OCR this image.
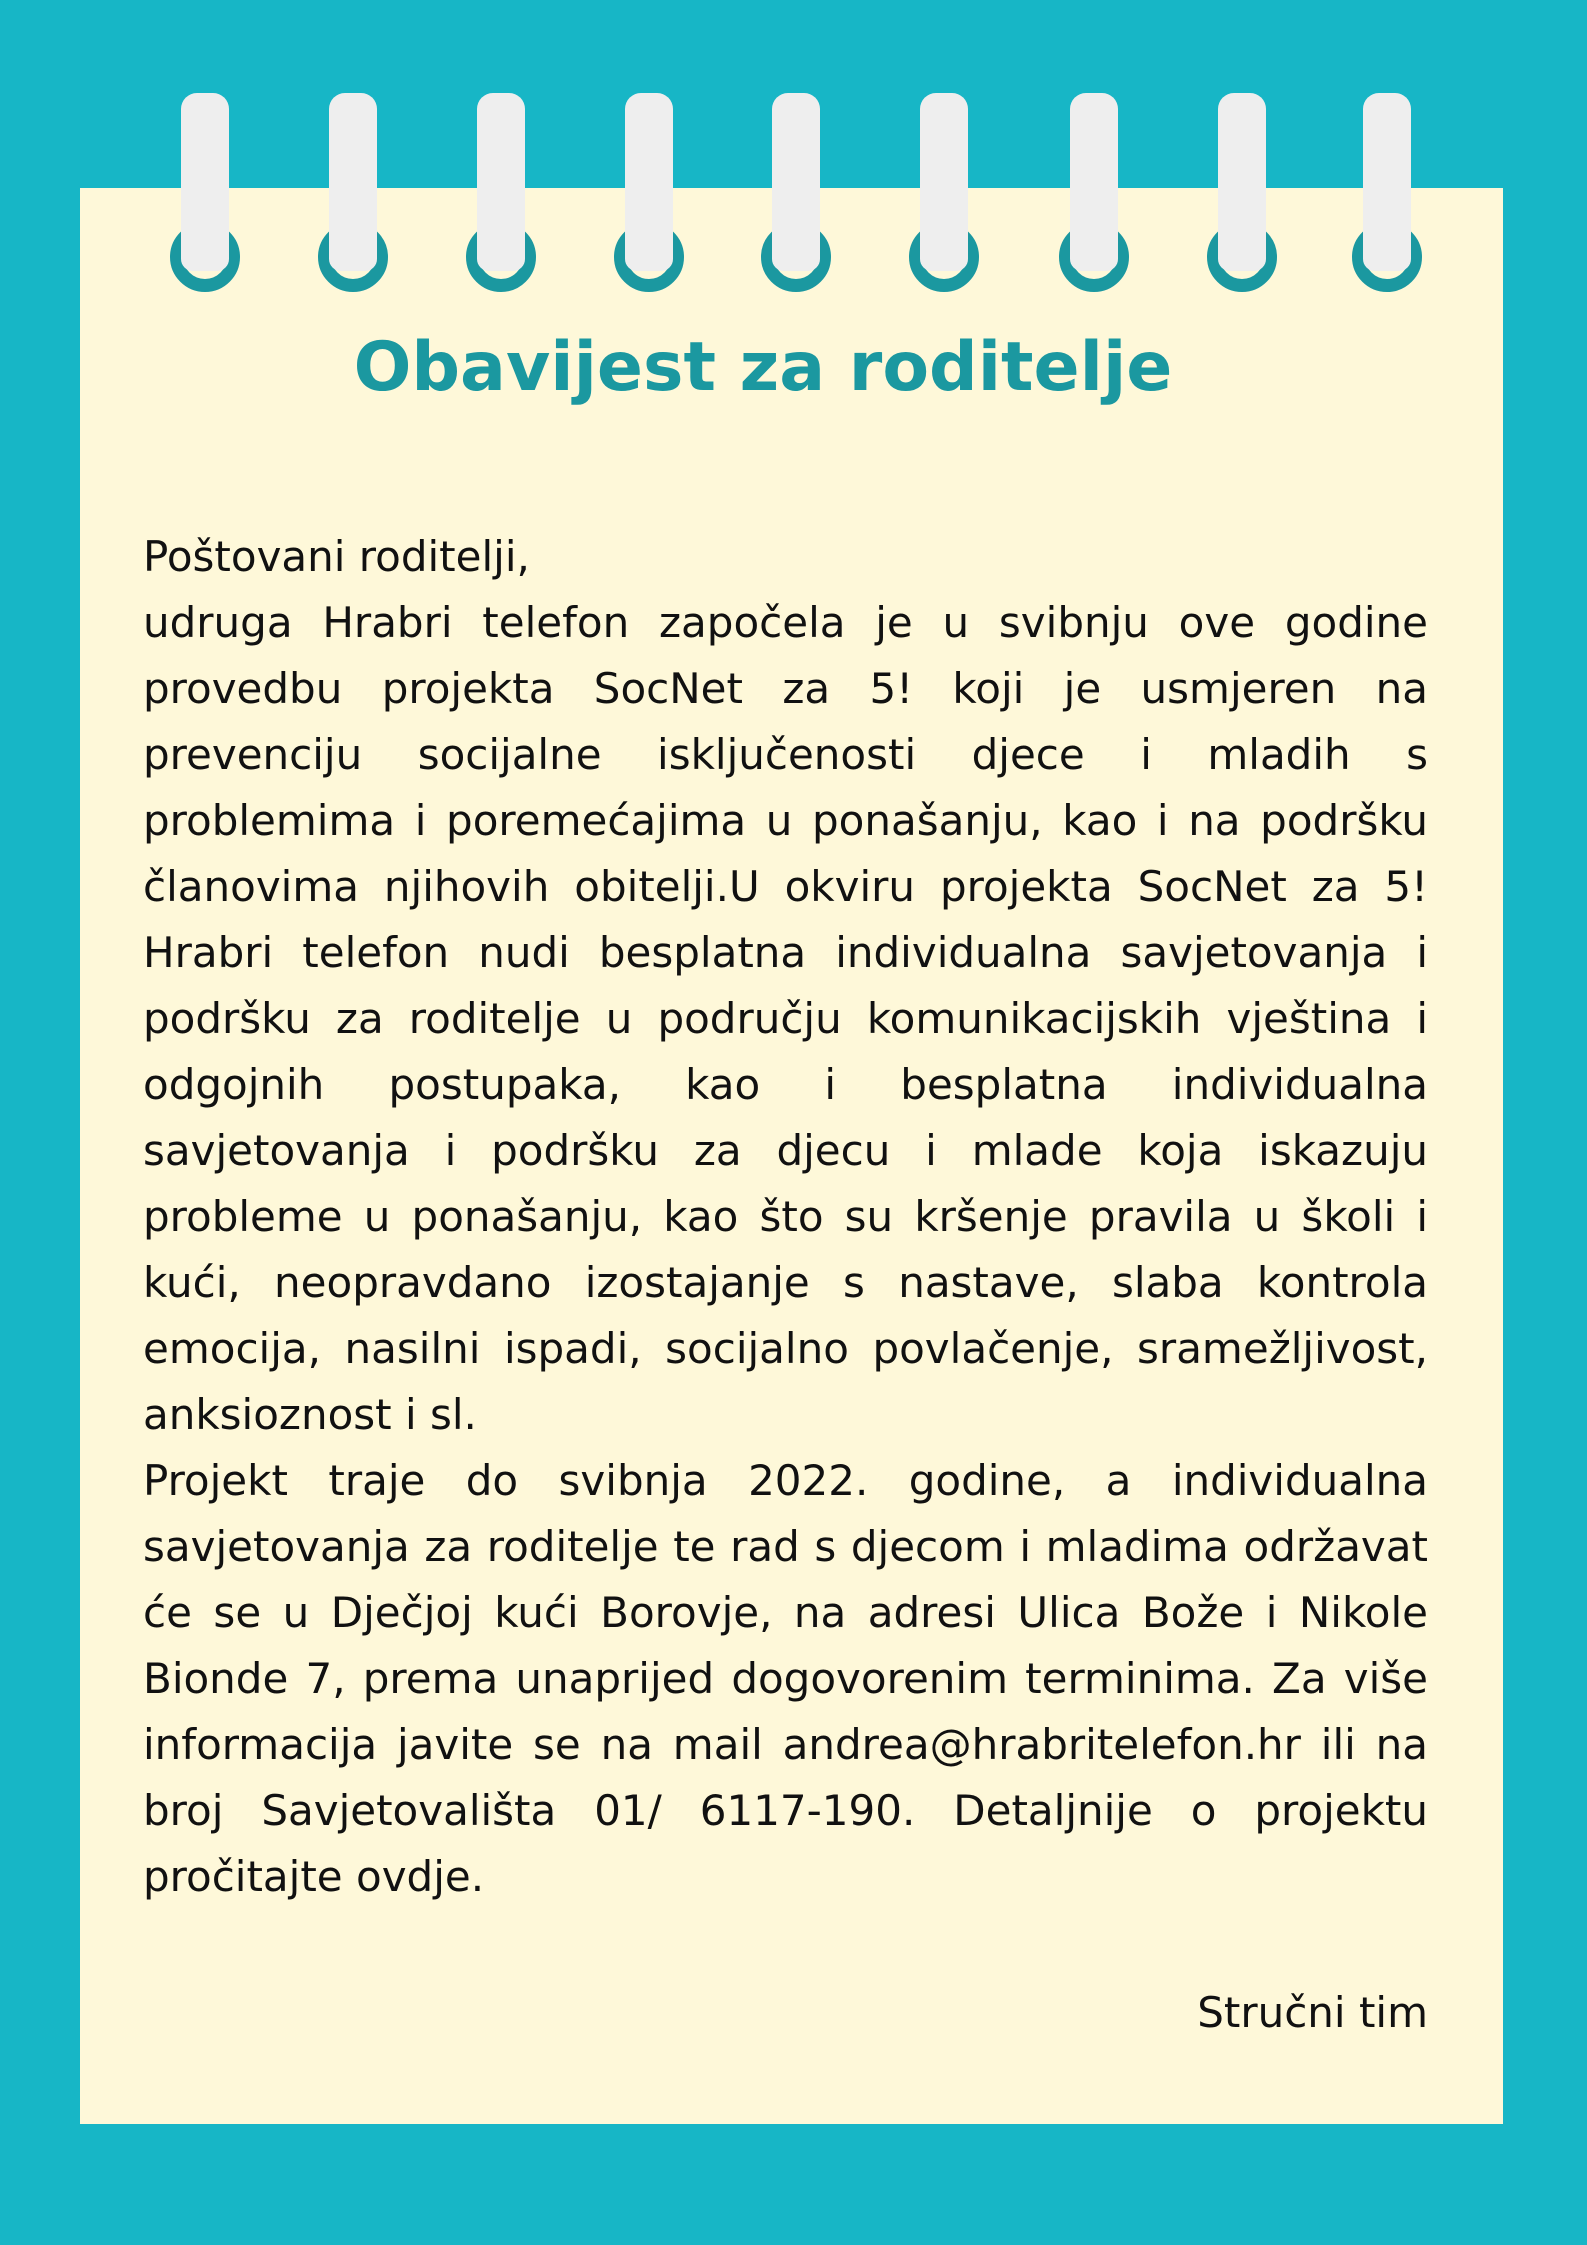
Obavijest za roditelje

Poštovani roditelji,

udruga Hrabri telefon započela je u svibnju ove godine provedbu projekta SocNet za 5! koji je usmjeren na prevenciju socijalne isključenosti djece i mladih s problemima i poremećajima u ponašanju, kao i na podršku članovima njihovih obitelji.U okviru projekta SocNet za 5! Hrabri telefon nudi besplatna individualna savjetovanja i podršku za roditelje u području komunikacijskih vještina i odgojnih postupaka, kao i besplatna individualna savjetovanja i podršku za djecu i mlade koja iskazuju probleme u ponašanju, kao što su kršenje pravila u školi i kući, neopravdano izostajanje s nastave, slaba kontrola emocija, nasilni ispadi, socijalno povlačenje, sramežljivost, anksioznost i sl.

Projekt traje do svibnja 2022. godine, a individualna savjetovanja za roditelje te rad s djecom i mladima održavat će se u Dječjoj kući Borovje, na adresi Ulica Bože i Nikole Bionde 7, prema unaprijed dogovorenim terminima. Za više informacija javite se na mail andrea@hrabritelefon.hr ili na broj Savjetovališta 01/ 6117-190. Detaljnije o projektu pročitajte ovdje.

Stručni tim
